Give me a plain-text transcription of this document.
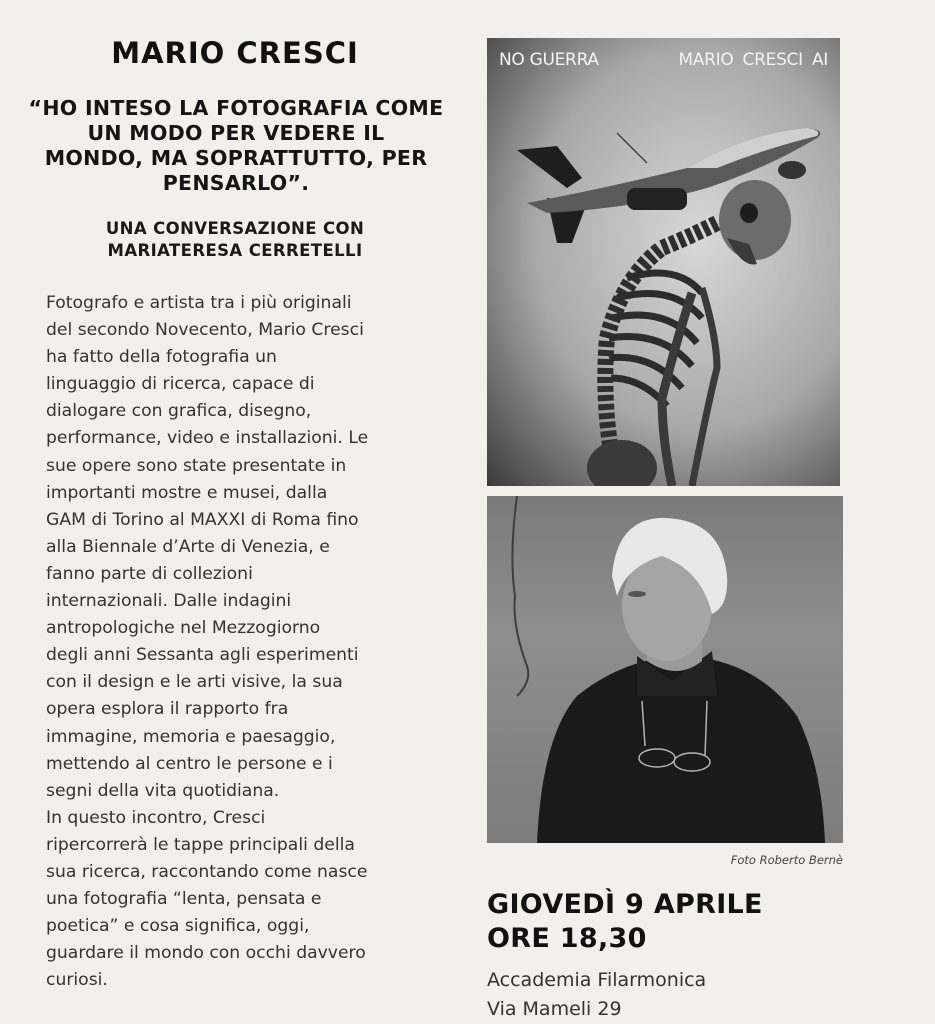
MARIO CRESCI
“HO INTESO LA FOTOGRAFIA COME
UN MODO PER VEDERE IL
MONDO, MA SOPRATTUTTO, PER
PENSARLO”.
UNA CONVERSAZIONE CON
MARIATERESA CERRETELLI

Fotografo e artista tra i più originali

del secondo Novecento, Mario Cresci

ha fatto della fotografia un

linguaggio di ricerca, capace di

dialogare con grafica, disegno,

performance, video e installazioni. Le

sue opere sono state presentate in

importanti mostre e musei, dalla

GAM di Torino al MAXXI di Roma fino

alla Biennale d’Arte di Venezia, e

fanno parte di collezioni

internazionali. Dalle indagini

antropologiche nel Mezzogiorno

degli anni Sessanta agli esperimenti

con il design e le arti visive, la sua

opera esplora il rapporto fra

immagine, memoria e paesaggio,

mettendo al centro le persone e i

segni della vita quotidiana.

In questo incontro, Cresci

ripercorrerà le tappe principali della

sua ricerca, raccontando come nasce

una fotografia “lenta, pensata e

poetica” e cosa significa, oggi,

guardare il mondo con occhi davvero

curiosi.

NO GUERRA	MARIO CRESCI AI
Foto Roberto Bernè
GIOVEDÌ 9 APRILE
ORE 18,30
Accademia Filarmonica
Via Mameli 29
